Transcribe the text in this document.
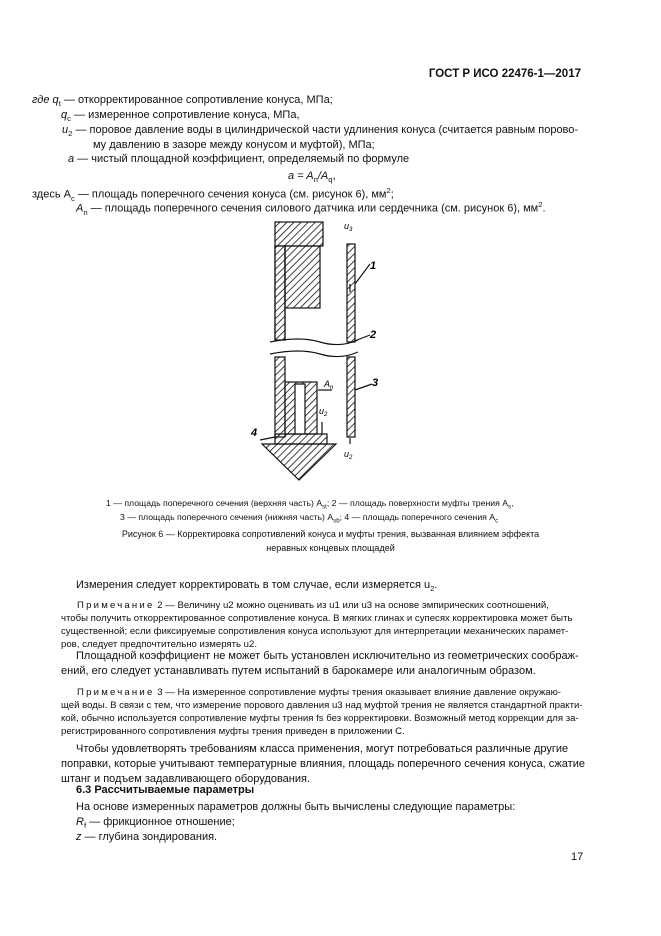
ГОСТ Р ИСО 22476-1—2017
где $q_t$ — откорректированное сопротивление конуса, МПа;
$q_c$ — измеренное сопротивление конуса, МПа,
$u_2$ — поровое давление воды в цилиндрической части удлинения конуса (считается равным порово-
му давлению в зазоре между конусом и муфтой), МПа;
a — чистый площадной коэффициент, определяемый по формуле
$a = A_n/A_q$,
здесь $A_c$ — площадь поперечного сечения конуса (см. рисунок 6), $мм^2$;
$A_n$ — площадь поперечного сечения силового датчика или сердечника (см. рисунок 6), $мм^2$.
$u_3$
1
2
3
4
$A_n$
$u_2$
$u_2$
1 — площадь поперечного сечения (верхняя часть) $A_{st}$; 2 — площадь поверхности муфты трения $A_s$,
3 — площадь поперечного сечения (нижняя часть) $A_{sb}$; 4 — площадь поперечного сечения $A_c$
Рисунок 6 — Корректировка сопротивлений конуса и муфты трения, вызванная влиянием эффекта
неравных концевых площадей
Измерения следует корректировать в том случае, если измеряется $u_2$.
Примечание 2 — Величину u2 можно оценивать из u1 или u3 на основе эмпирических соотношений,
чтобы получить откорректированное сопротивление конуса. В мягких глинах и супесях корректировка может быть
существенной; если фиксируемые сопротивления конуса используют для интерпретации механических парамет-
ров, следует предпочтительно измерять u2.
Площадной коэффициент не может быть установлен исключительно из геометрических соображ-
ений, его следует устанавливать путем испытаний в барокамере или аналогичным образом.
Примечание 3 — На измеренное сопротивление муфты трения оказывает влияние давление окружаю-
щей воды. В связи с тем, что измерение порового давления u3 над муфтой трения не является стандартной практи-
кой, обычно используется сопротивление муфты трения fs без корректировки. Возможный метод коррекции для за-
регистрированного сопротивления муфты трения приведен в приложении С.
Чтобы удовлетворять требованиям класса применения, могут потребоваться различные другие
поправки, которые учитывают температурные влияния, площадь поперечного сечения конуса, сжатие
штанг и подъем задавливающего оборудования.
6.3 Рассчитываемые параметры
На основе измеренных параметров должны быть вычислены следующие параметры:
$R_f$ — фрикционное отношение;
z — глубина зондирования.
17
